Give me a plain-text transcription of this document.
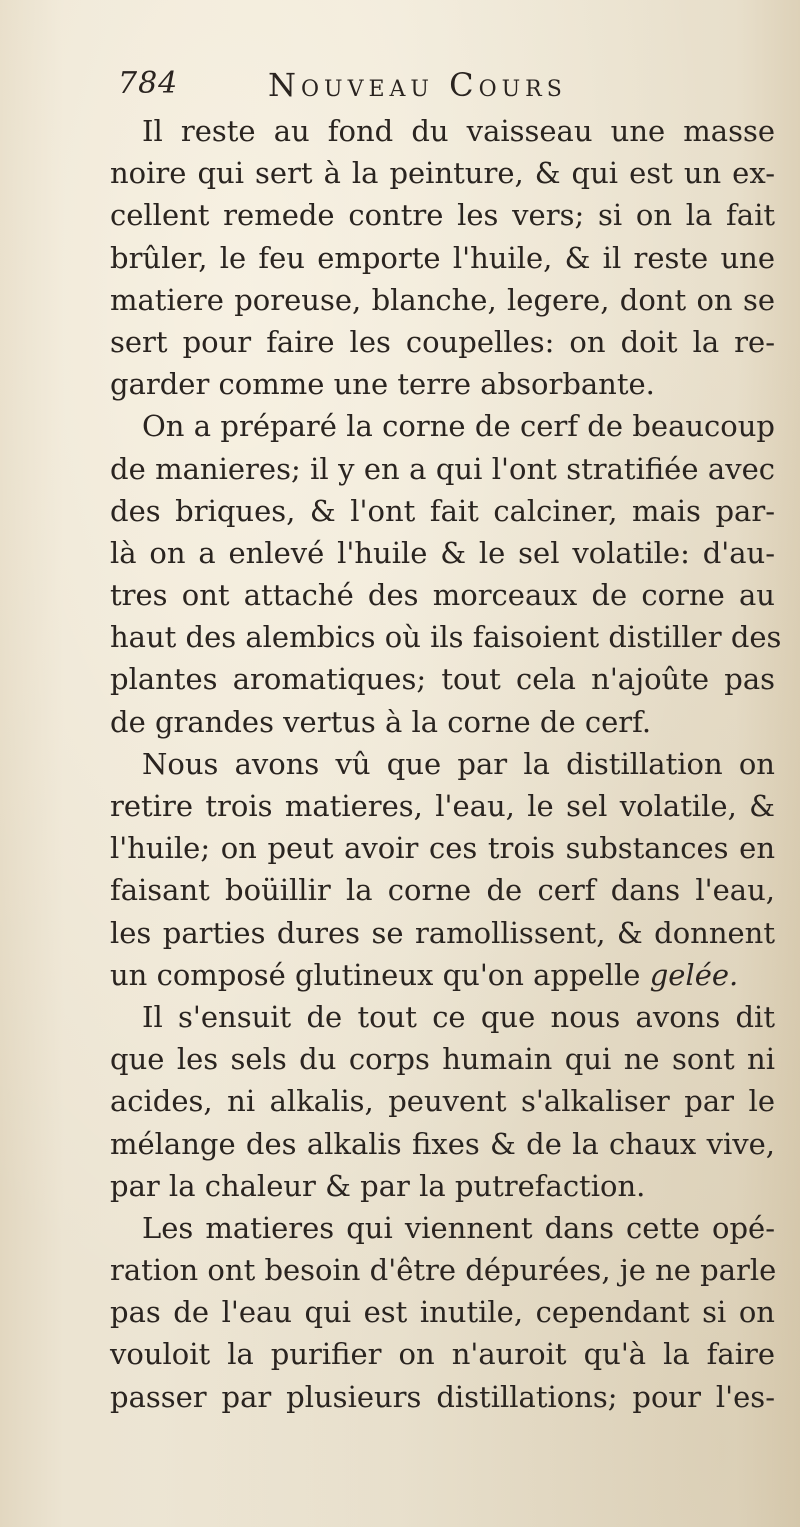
784	Nouveau Cours
Il reste au fond du vaisseau une masse
noire qui sert à la peinture, & qui est un ex-
cellent remede contre les vers; si on la fait
brûler, le feu emporte l'huile, & il reste une
matiere poreuse, blanche, legere, dont on se
sert pour faire les coupelles: on doit la re-
garder comme une terre absorbante.
On a préparé la corne de cerf de beaucoup
de manieres; il y en a qui l'ont stratifiée avec
des briques, & l'ont fait calciner, mais par-
là on a enlevé l'huile & le sel volatile: d'au-
tres ont attaché des morceaux de corne au
haut des alembics où ils faisoient distiller des
plantes aromatiques; tout cela n'ajoûte pas
de grandes vertus à la corne de cerf.
Nous avons vû que par la distillation on
retire trois matieres, l'eau, le sel volatile, &
l'huile; on peut avoir ces trois substances en
faisant boüillir la corne de cerf dans l'eau,
les parties dures se ramollissent, & donnent
un composé glutineux qu'on appelle gelée.
Il s'ensuit de tout ce que nous avons dit
que les sels du corps humain qui ne sont ni
acides, ni alkalis, peuvent s'alkaliser par le
mélange des alkalis fixes & de la chaux vive,
par la chaleur & par la putrefaction.
Les matieres qui viennent dans cette opé-
ration ont besoin d'être dépurées, je ne parle
pas de l'eau qui est inutile, cependant si on
vouloit la purifier on n'auroit qu'à la faire
passer par plusieurs distillations; pour l'es-
